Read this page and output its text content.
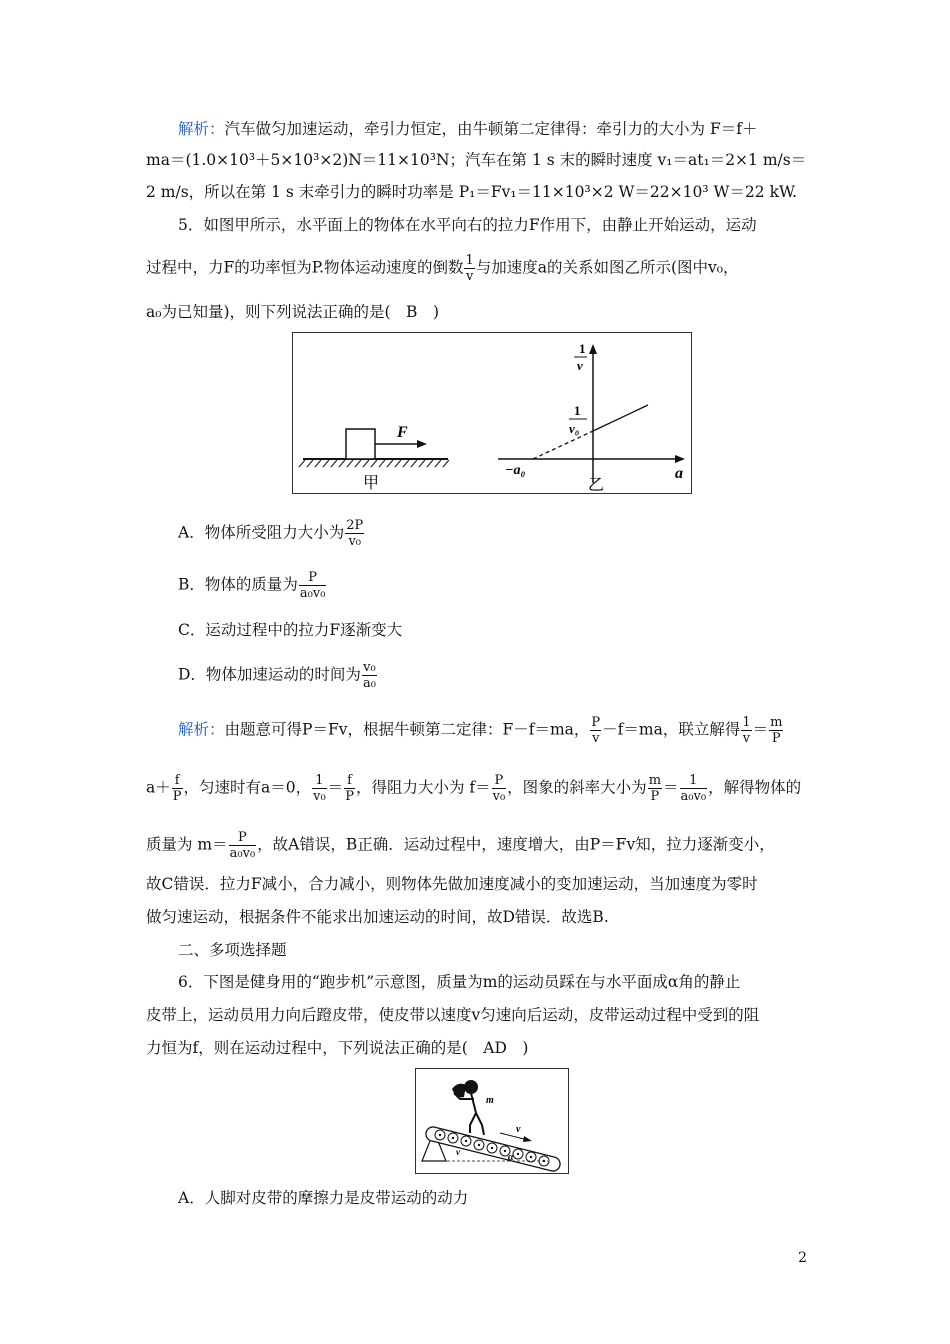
解析：汽车做匀加速运动，牵引力恒定，由牛顿第二定律得：牵引力的大小为 F＝f＋
ma＝(1.0×10³＋5×10³×2)N＝11×10³N；汽车在第 1 s 末的瞬时速度 v₁＝at₁＝2×1 m/s＝
2 m/s，所以在第 1 s 末牵引力的瞬时功率是 P₁＝Fv₁＝11×10³×2 W＝22×10³ W＝22 kW.
5．如图甲所示，水平面上的物体在水平向右的拉力F作用下，由静止开始运动，运动
过程中，力F的功率恒为P.物体运动速度的倒数 $\frac{1}{v}$ 与加速度a的关系如图乙所示(图中v₀，
a₀为已知量)，则下列说法正确的是(　B　)
F
甲	a
−a₀
1
v
1
v₀
乙
A．物体所受阻力大小为 $\frac{2P}{\text{v₀}}$
B．物体的质量为 $\frac{P}{\text{a₀v₀}}$
C．运动过程中的拉力F逐渐变大
D．物体加速运动的时间为 $\frac{\text{v₀}}{\text{a₀}}$
解析：由题意可得P＝Fv，根据牛顿第二定律：F－f＝ma， $\frac{P}{v} -f=ma$，联立解得 $\frac{1}{v} = \frac{m}{P}$
$a+ \frac{f}{P}$ ，匀速时有a＝0， $\frac{1}{\text{v₀}} = \frac{f}{P}$ ，得阻力大小为 $f= \frac{P}{\text{v₀}}$ ，图象的斜率大小为 $\frac{m}{P} = \frac{1}{\text{a₀v₀}}$ ，解得物体的
质量为 $m= \frac{P}{\text{a₀v₀}}$ ，故A错误，B正确．运动过程中，速度增大，由P＝Fv知，拉力逐渐变小，
故C错误．拉力F减小，合力减小，则物体先做加速度减小的变加速运动，当加速度为零时
做匀速运动，根据条件不能求出加速运动的时间，故D错误．故选B.
二、多项选择题
6．下图是健身用的“跑步机”示意图，质量为m的运动员踩在与水平面成α角的静止
皮带上，运动员用力向后蹬皮带，使皮带以速度v匀速向后运动，皮带运动过程中受到的阻
力恒为f，则在运动过程中，下列说法正确的是(　AD　)
v
v	α
m
A．人脚对皮带的摩擦力是皮带运动的动力
2
